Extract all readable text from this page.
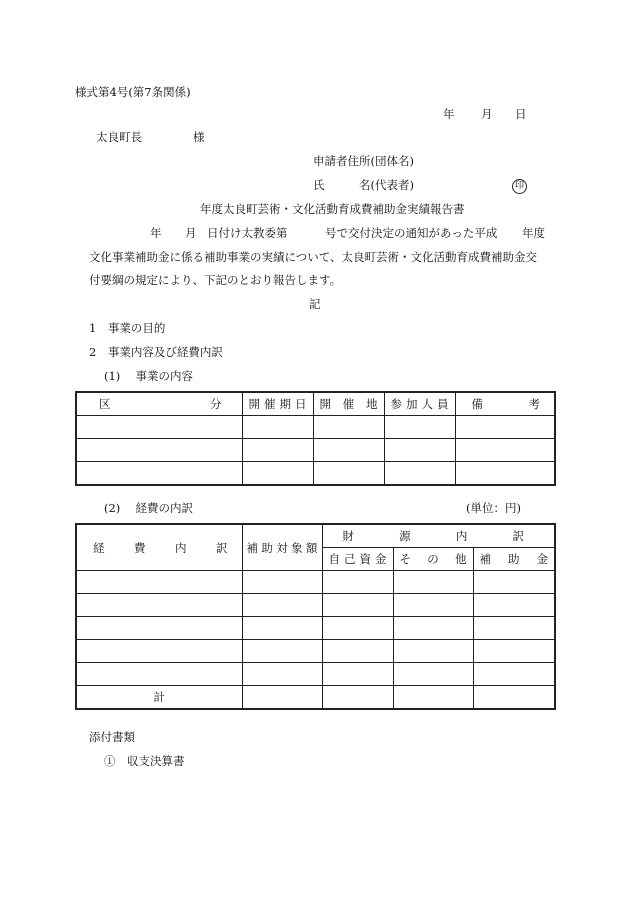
様式第4号(第7条関係)
年 月 日
太良町長	様
申請者住所(団体名)
氏	名(代表者)	印
年度太良町芸術・文化活動育成費補助金実績報告書
年 月 日付け太教委第	号で交付決定の通知があった平成 年度
文化事業補助金に係る補助事業の実績について、太良町芸術・文化活動育成費補助金交
付要綱の規定により、下記のとおり報告します。
記
1　事業の目的
2　事業内容及び経費内訳
(1)　 事業の内容
区 分	開 催 期 日	開 催 地	参 加 人 員	備 考

(2)　 経費の内訳	(単位：円)
経 費 内 訳	補 助 対 象 額	財 源 内 訳		

		自 己 資 金	そ の 他	補 助 金

計				
添付書類
①　収支決算書
